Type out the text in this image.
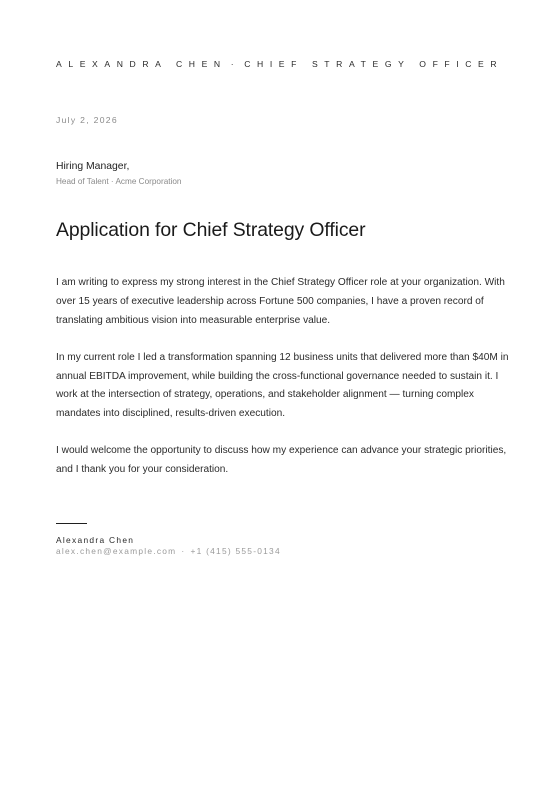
ALEXANDRA CHEN · CHIEF STRATEGY OFFICER
July 2, 2026
Hiring Manager,
Head of Talent · Acme Corporation
Application for Chief Strategy Officer

I am writing to express my strong interest in the Chief Strategy Officer role at your organization. With over 15 years of executive leadership across Fortune 500 companies, I have a proven record of translating ambitious vision into measurable enterprise value.

In my current role I led a transformation spanning 12 business units that delivered more than $40M in annual EBITDA improvement, while building the cross-functional governance needed to sustain it. I work at the intersection of strategy, operations, and stakeholder alignment — turning complex mandates into disciplined, results-driven execution.

I would welcome the opportunity to discuss how my experience can advance your strategic priorities, and I thank you for your consideration.

Alexandra Chen
alex.chen@example.com · +1 (415) 555-0134
